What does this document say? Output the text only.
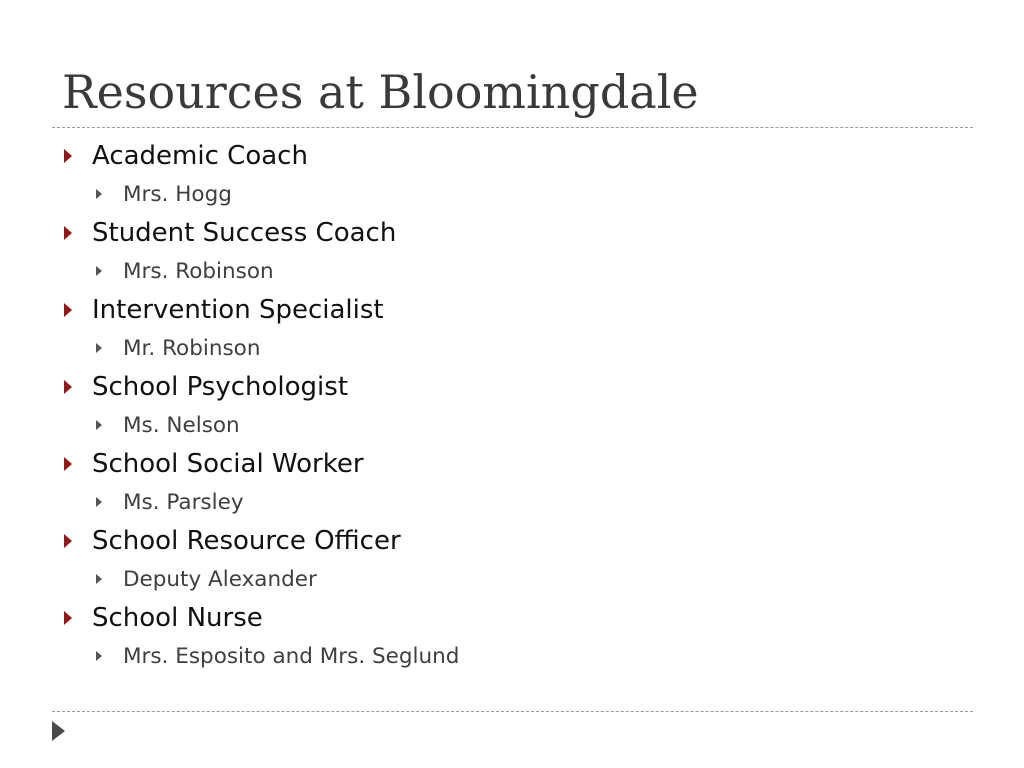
Resources at Bloomingdale
Academic Coach
Mrs. Hogg
Student Success Coach
Mrs. Robinson
Intervention Specialist
Mr. Robinson
School Psychologist
Ms. Nelson
School Social Worker
Ms. Parsley
School Resource Officer
Deputy Alexander
School Nurse
Mrs. Esposito and Mrs. Seglund
